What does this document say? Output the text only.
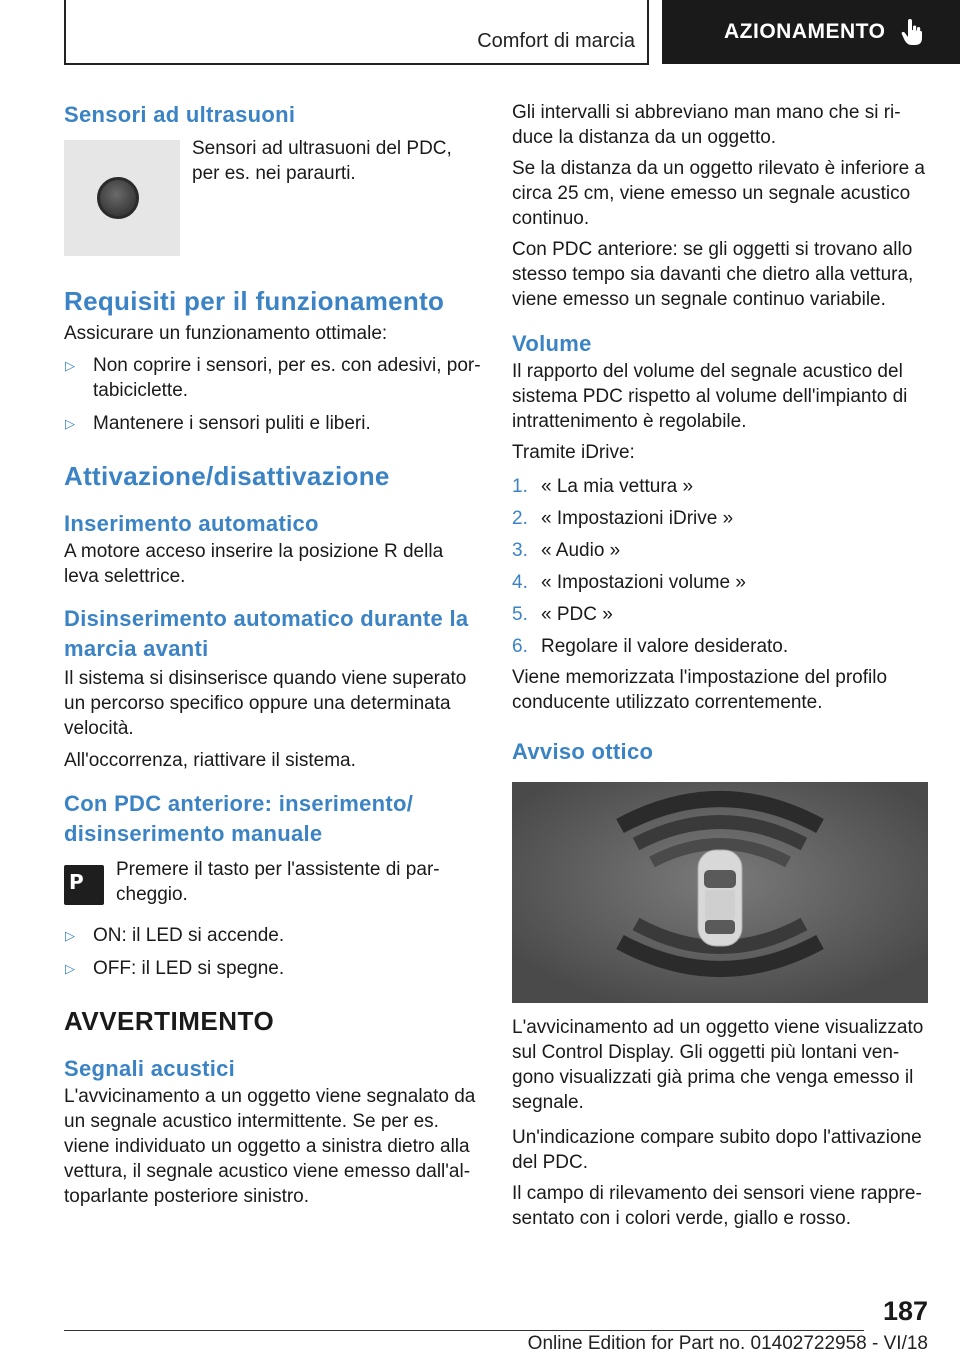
Comfort di marcia	AZIONAMENTO
Sensori ad ultrasuoni

Sensori ad ultrasuoni del PDC, per es. nei paraurti.

Requisiti per il funzionamento

Assicurare un funzionamento ottimale:

▷ Non coprire i sensori, per es. con adesivi, portabiciclette.
▷ Mantenere i sensori puliti e liberi.
Attivazione/disattivazione
Inserimento automatico

A motore acceso inserire la posizione R della leva selettrice.

Disinserimento automatico durante la marcia avanti

Il sistema si disinserisce quando viene superato un percorso specifico oppure una determinata velocità.

All'occorrenza, riattivare il sistema.

Con PDC anteriore: inserimento/ disinserimento manuale
P

Premere il tasto per l'assistente di parcheggio.

▷ ON: il LED si accende.
▷ OFF: il LED si spegne.
AVVERTIMENTO
Segnali acustici

L'avvicinamento a un oggetto viene segnalato da un segnale acustico intermittente. Se per es. viene individuato un oggetto a sinistra dietro alla vettura, il segnale acustico viene emesso dall'altoparlante posteriore sinistro.

Gli intervalli si abbreviano man mano che si riduce la distanza da un oggetto.

Se la distanza da un oggetto rilevato è inferiore a circa 25 cm, viene emesso un segnale acustico continuo.

Con PDC anteriore: se gli oggetti si trovano allo stesso tempo sia davanti che dietro alla vettura, viene emesso un segnale continuo variabile.

Volume

Il rapporto del volume del segnale acustico del sistema PDC rispetto al volume dell'impianto di intrattenimento è regolabile.

Tramite iDrive:

1. « La mia vettura »
2. « Impostazioni iDrive »
3. « Audio »
4. « Impostazioni volume »
5. « PDC »
6. Regolare il valore desiderato.

Viene memorizzata l'impostazione del profilo conducente utilizzato correntemente.

Avviso ottico

L'avvicinamento ad un oggetto viene visualizzato sul Control Display. Gli oggetti più lontani vengono visualizzati già prima che venga emesso il segnale.

Un'indicazione compare subito dopo l'attivazione del PDC.

Il campo di rilevamento dei sensori viene rappresentato con i colori verde, giallo e rosso.

187
Online Edition for Part no. 01402722958 - VI/18
